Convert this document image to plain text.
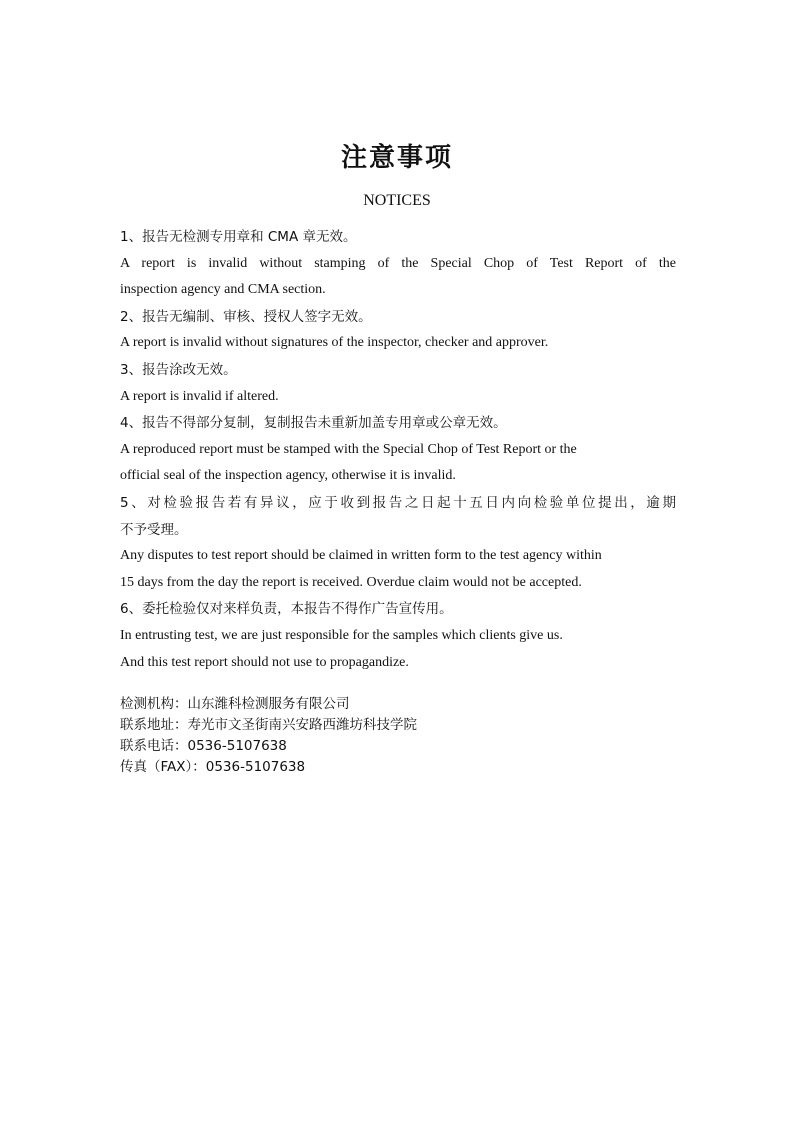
注意事项
NOTICES
1、报告无检测专用章和 CMA 章无效。
A report is invalid without stamping of the Special Chop of Test Report of the
inspection agency and CMA section.
2、报告无编制、审核、授权人签字无效。
A report is invalid without signatures of the inspector, checker and approver.
3、报告涂改无效。
A report is invalid if altered.
4、报告不得部分复制，复制报告未重新加盖专用章或公章无效。
A reproduced report must be stamped with the Special Chop of Test Report or the
official seal of the inspection agency, otherwise it is invalid.
5、对检验报告若有异议，应于收到报告之日起十五日内向检验单位提出，逾期
不予受理。
Any disputes to test report should be claimed in written form to the test agency within
15 days from the day the report is received. Overdue claim would not be accepted.
6、委托检验仅对来样负责，本报告不得作广告宣传用。
In entrusting test, we are just responsible for the samples which clients give us.
And this test report should not use to propagandize.
检测机构：山东潍科检测服务有限公司
联系地址：寿光市文圣街南兴安路西潍坊科技学院
联系电话：0536-5107638
传真（FAX）：0536-5107638
